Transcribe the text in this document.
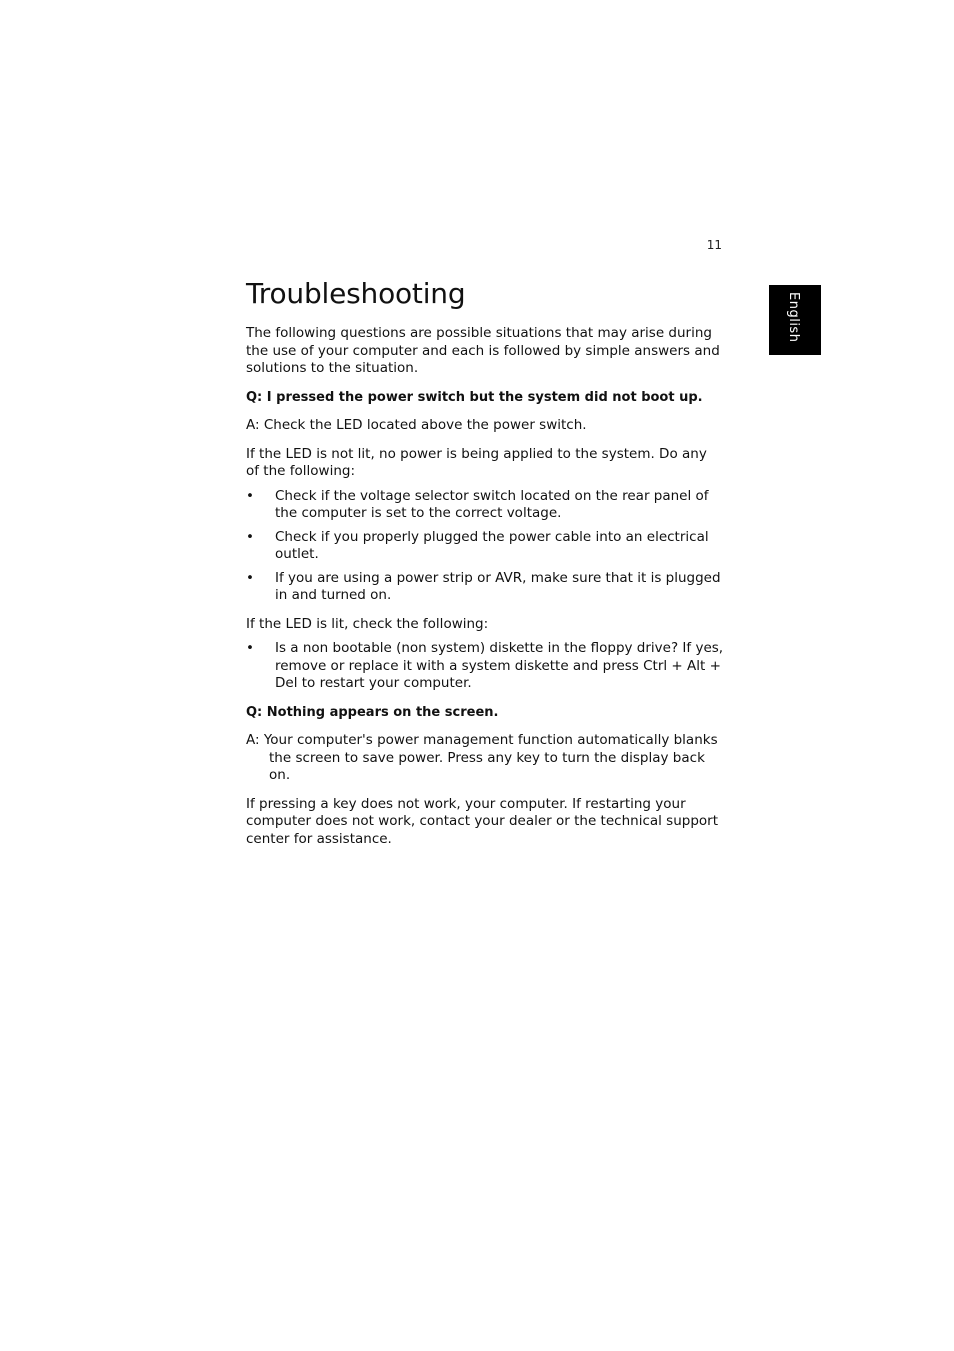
11
English
Troubleshooting

The following questions are possible situations that may arise during the use of your computer and each is followed by simple answers and solutions to the situation.

Q: I pressed the power switch but the system did not boot up.

A: Check the LED located above the power switch.

If the LED is not lit, no power is being applied to the system. Do any of the following:

• Check if the voltage selector switch located on the rear panel of the computer is set to the correct voltage.
• Check if you properly plugged the power cable into an electrical outlet.
• If you are using a power strip or AVR, make sure that it is plugged in and turned on.

If the LED is lit, check the following:

• Is a non bootable (non system) diskette in the floppy drive? If yes, remove or replace it with a system diskette and press Ctrl + Alt + Del to restart your computer.

Q: Nothing appears on the screen.

A: Your computer's power management function automatically blanks the screen to save power. Press any key to turn the display back on.

If pressing a key does not work, your computer. If restarting your computer does not work, contact your dealer or the technical support center for assistance.
